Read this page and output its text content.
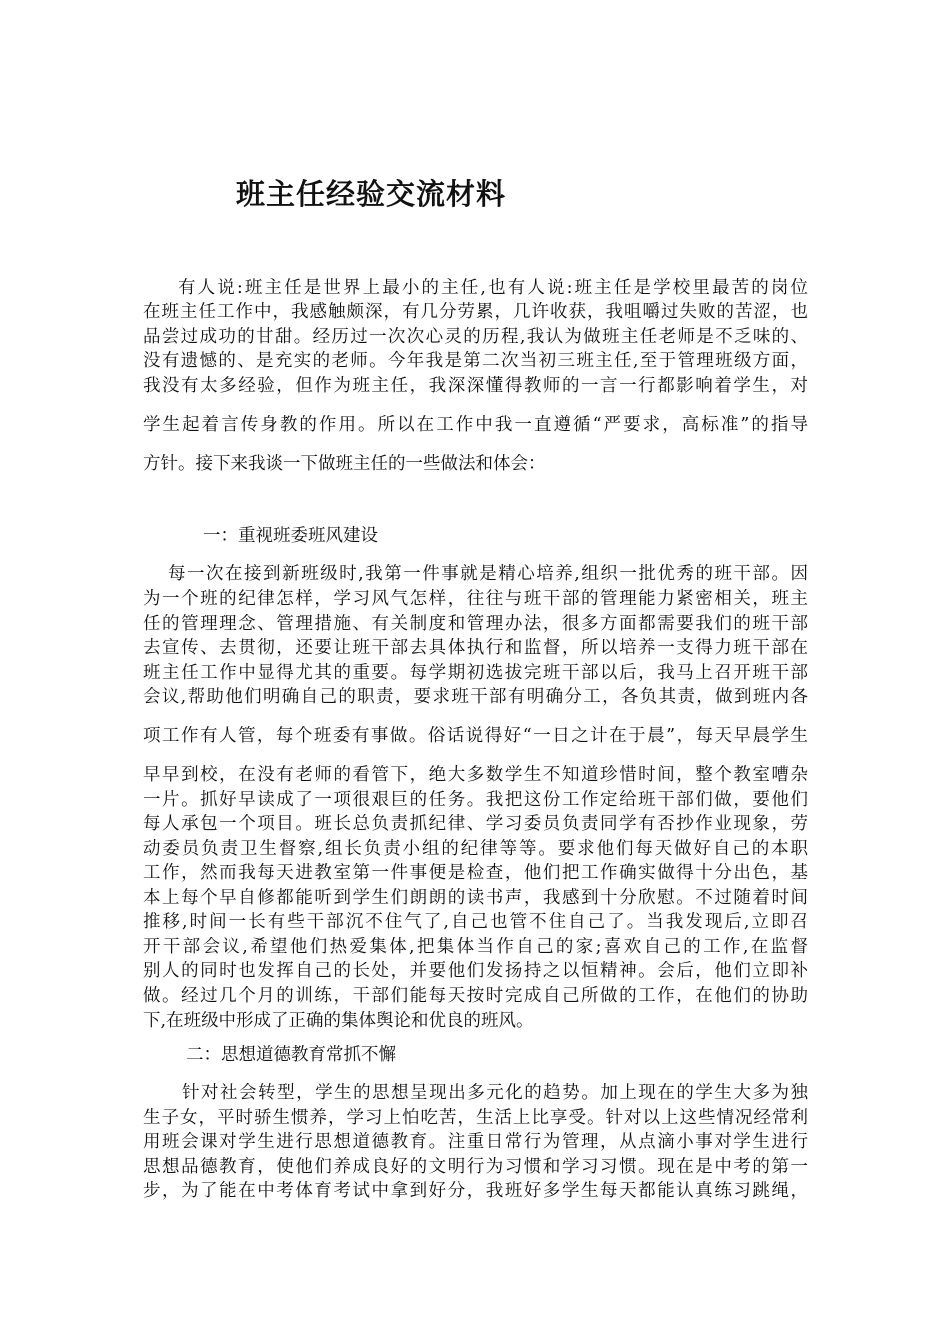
班主任经验交流材料
有人说:班主任是世界上最小的主任,也有人说:班主任是学校里最苦的岗位
在班主任工作中，我感触颇深，有几分劳累，几许收获，我咀嚼过失败的苦涩，也
品尝过成功的甘甜。经历过一次次心灵的历程,我认为做班主任老师是不乏味的、
没有遗憾的、是充实的老师。今年我是第二次当初三班主任,至于管理班级方面，
我没有太多经验，但作为班主任，我深深懂得教师的一言一行都影响着学生，对
学生起着言传身教的作用。所以在工作中我一直遵循“严要求，高标准”的指导
方针。接下来我谈一下做班主任的一些做法和体会：
一：重视班委班风建设
每一次在接到新班级时,我第一件事就是精心培养,组织一批优秀的班干部。因
为一个班的纪律怎样，学习风气怎样，往往与班干部的管理能力紧密相关，班主
任的管理理念、管理措施、有关制度和管理办法，很多方面都需要我们的班干部
去宣传、去贯彻，还要让班干部去具体执行和监督，所以培养一支得力班干部在
班主任工作中显得尤其的重要。每学期初选拔完班干部以后，我马上召开班干部
会议,帮助他们明确自己的职责，要求班干部有明确分工，各负其责，做到班内各
项工作有人管，每个班委有事做。俗话说得好“一日之计在于晨”，每天早晨学生
早早到校，在没有老师的看管下，绝大多数学生不知道珍惜时间，整个教室嘈杂
一片。抓好早读成了一项很艰巨的任务。我把这份工作定给班干部们做，要他们
每人承包一个项目。班长总负责抓纪律、学习委员负责同学有否抄作业现象，劳
动委员负责卫生督察,组长负责小组的纪律等等。要求他们每天做好自己的本职
工作，然而我每天进教室第一件事便是检查，他们把工作确实做得十分出色，基
本上每个早自修都能听到学生们朗朗的读书声，我感到十分欣慰。不过随着时间
推移,时间一长有些干部沉不住气了,自己也管不住自己了。当我发现后,立即召
开干部会议,希望他们热爱集体,把集体当作自己的家;喜欢自己的工作,在监督
别人的同时也发挥自己的长处，并要他们发扬持之以恒精神。会后，他们立即补
做。经过几个月的训练，干部们能每天按时完成自己所做的工作，在他们的协助
下,在班级中形成了正确的集体舆论和优良的班风。
二：思想道德教育常抓不懈
针对社会转型，学生的思想呈现出多元化的趋势。加上现在的学生大多为独
生子女，平时骄生惯养，学习上怕吃苦，生活上比享受。针对以上这些情况经常利
用班会课对学生进行思想道德教育。注重日常行为管理，从点滴小事对学生进行
思想品德教育，使他们养成良好的文明行为习惯和学习习惯。现在是中考的第一
步，为了能在中考体育考试中拿到好分，我班好多学生每天都能认真练习跳绳，
